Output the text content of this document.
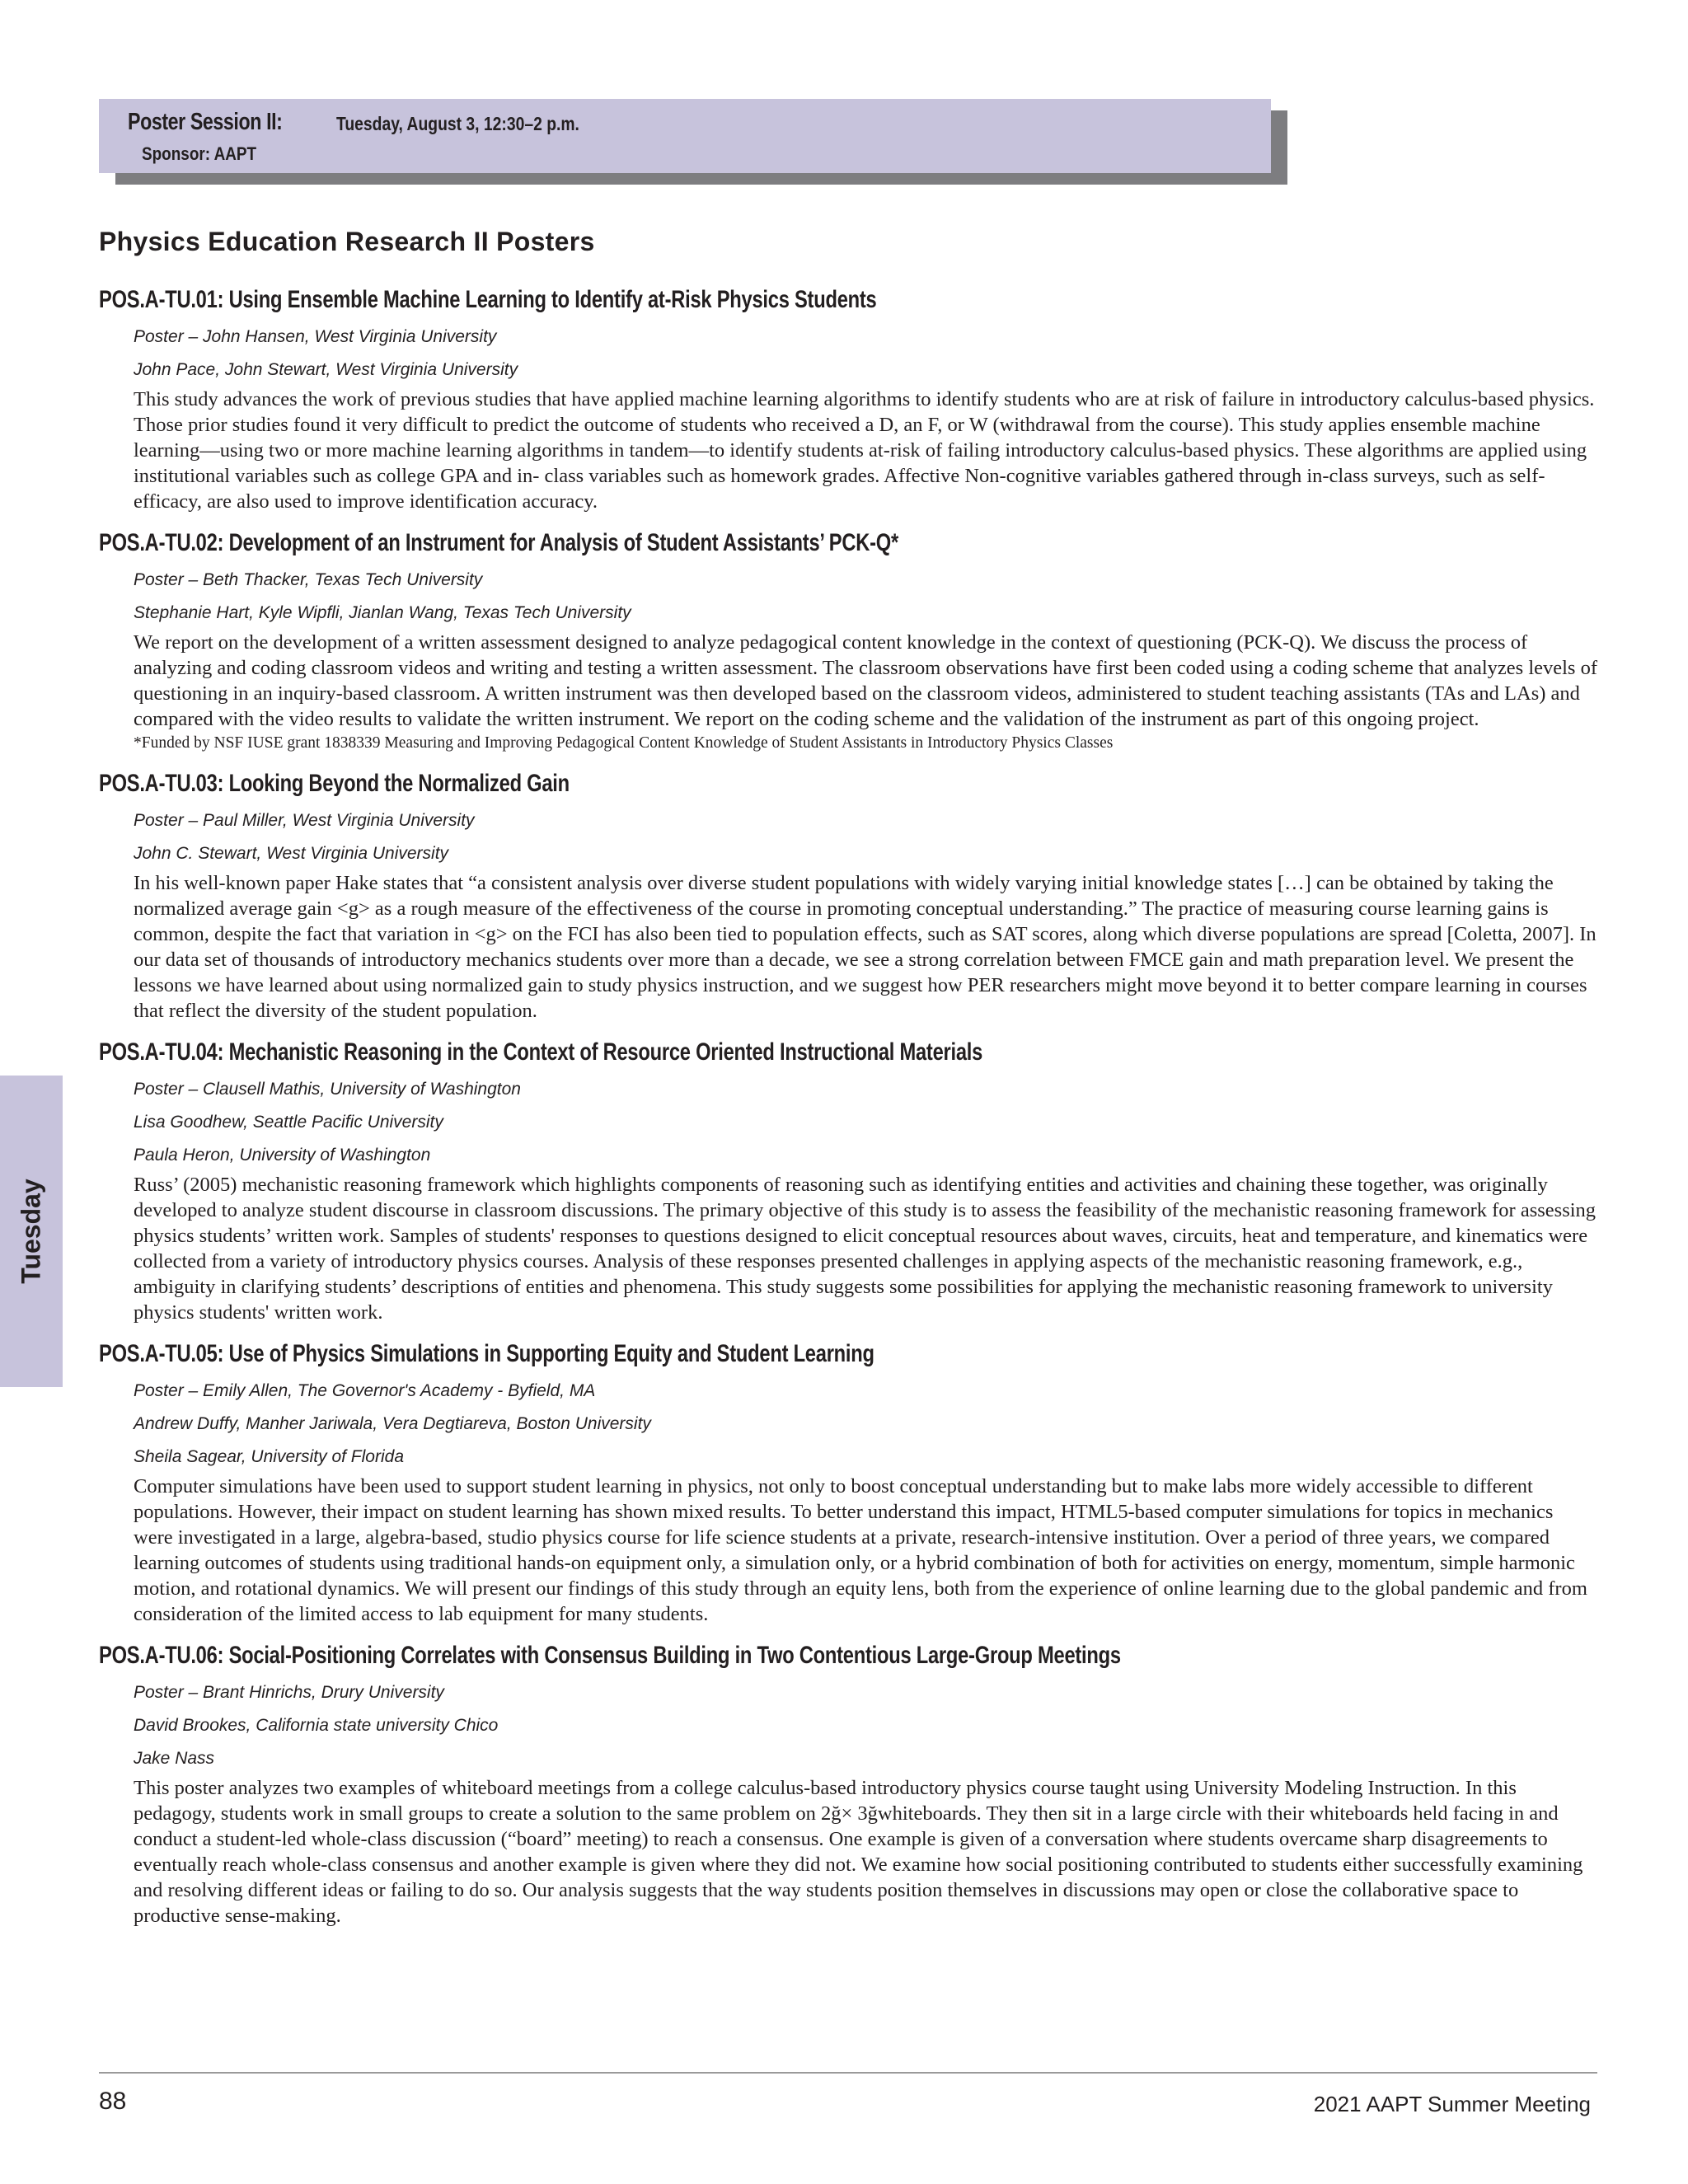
Poster Session II:	Tuesday, August 3, 12:30–2 p.m.
Sponsor: AAPT
Physics Education Research II Posters
POS.A-TU.01: Using Ensemble Machine Learning to Identify at-Risk Physics Students
Poster – John Hansen, West Virginia University
John Pace, John Stewart, West Virginia University
This study advances the work of previous studies that have applied machine learning algorithms to identify students who are at risk of failure in introductory calculus-based physics. Those prior studies found it very difficult to predict the outcome of students who received a D, an F, or W (withdrawal from the course). This study applies ensemble machine learning—using two or more machine learning algorithms in tandem—to identify students at-risk of failing introductory calculus-based physics. These algorithms are applied using institutional variables such as college GPA and in- class variables such as homework grades. Affective Non-cognitive variables gathered through in-class surveys, such as self-efficacy, are also used to improve identification accuracy.
POS.A-TU.02: Development of an Instrument for Analysis of Student Assistants’ PCK-Q*
Poster – Beth Thacker, Texas Tech University
Stephanie Hart, Kyle Wipfli, Jianlan Wang, Texas Tech University
We report on the development of a written assessment designed to analyze pedagogical content knowledge in the context of questioning (PCK-Q). We discuss the process of analyzing and coding classroom videos and writing and testing a written assessment. The classroom observations have first been coded using a coding scheme that analyzes levels of questioning in an inquiry-based classroom. A written instrument was then developed based on the classroom videos, administered to student teaching assistants (TAs and LAs) and compared with the video results to validate the written instrument. We report on the coding scheme and the validation of the instrument as part of this ongoing project.
*Funded by NSF IUSE grant 1838339 Measuring and Improving Pedagogical Content Knowledge of Student Assistants in Introductory Physics Classes
POS.A-TU.03: Looking Beyond the Normalized Gain
Poster – Paul Miller, West Virginia University
John C. Stewart, West Virginia University
In his well-known paper Hake states that “a consistent analysis over diverse student populations with widely varying initial knowledge states […] can be obtained by taking the normalized average gain <g> as a rough measure of the effectiveness of the course in promoting conceptual understanding.” The practice of measuring course learning gains is common, despite the fact that variation in <g> on the FCI has also been tied to population effects, such as SAT scores, along which diverse populations are spread [Coletta, 2007]. In our data set of thousands of introductory mechanics students over more than a decade, we see a strong correlation between FMCE gain and math preparation level. We present the lessons we have learned about using normalized gain to study physics instruction, and we suggest how PER researchers might move beyond it to better compare learning in courses that reflect the diversity of the student population.
POS.A-TU.04: Mechanistic Reasoning in the Context of Resource Oriented Instructional Materials
Poster – Clausell Mathis, University of Washington
Lisa Goodhew, Seattle Pacific University
Paula Heron, University of Washington
Russ’ (2005) mechanistic reasoning framework which highlights components of reasoning such as identifying entities and activities and chaining these together, was originally developed to analyze student discourse in classroom discussions. The primary objective of this study is to assess the feasibility of the mechanistic reasoning framework for assessing physics students’ written work. Samples of students' responses to questions designed to elicit conceptual resources about waves, circuits, heat and temperature, and kinematics were collected from a variety of introductory physics courses. Analysis of these responses presented challenges in applying aspects of the mechanistic reasoning framework, e.g., ambiguity in clarifying students’ descriptions of entities and phenomena. This study suggests some possibilities for applying the mechanistic reasoning framework to university physics students' written work.
POS.A-TU.05: Use of Physics Simulations in Supporting Equity and Student Learning
Poster – Emily Allen, The Governor's Academy - Byfield, MA
Andrew Duffy, Manher Jariwala, Vera Degtiareva, Boston University
Sheila Sagear, University of Florida
Computer simulations have been used to support student learning in physics, not only to boost conceptual understanding but to make labs more widely accessible to different populations. However, their impact on student learning has shown mixed results. To better understand this impact, HTML5-based computer simulations for topics in mechanics were investigated in a large, algebra-based, studio physics course for life science students at a private, research-intensive institution. Over a period of three years, we compared learning outcomes of students using traditional hands-on equipment only, a simulation only, or a hybrid combination of both for activities on energy, momentum, simple harmonic motion, and rotational dynamics. We will present our findings of this study through an equity lens, both from the experience of online learning due to the global pandemic and from consideration of the limited access to lab equipment for many students.
POS.A-TU.06: Social-Positioning Correlates with Consensus Building in Two Contentious Large-Group Meetings
Poster – Brant Hinrichs, Drury University
David Brookes, California state university Chico
Jake Nass
This poster analyzes two examples of whiteboard meetings from a college calculus-based introductory physics course taught using University Modeling Instruction. In this pedagogy, students work in small groups to create a solution to the same problem on 2ğ× 3ğwhiteboards. They then sit in a large circle with their whiteboards held facing in and conduct a student-led whole-class discussion (“board” meeting) to reach a consensus. One example is given of a conversation where students overcame sharp disagreements to eventually reach whole-class consensus and another example is given where they did not. We examine how social positioning contributed to students either successfully examining and resolving different ideas or failing to do so. Our analysis suggests that the way students position themselves in discussions may open or close the collaborative space to productive sense-making.
Tuesday
88	2021 AAPT Summer Meeting
